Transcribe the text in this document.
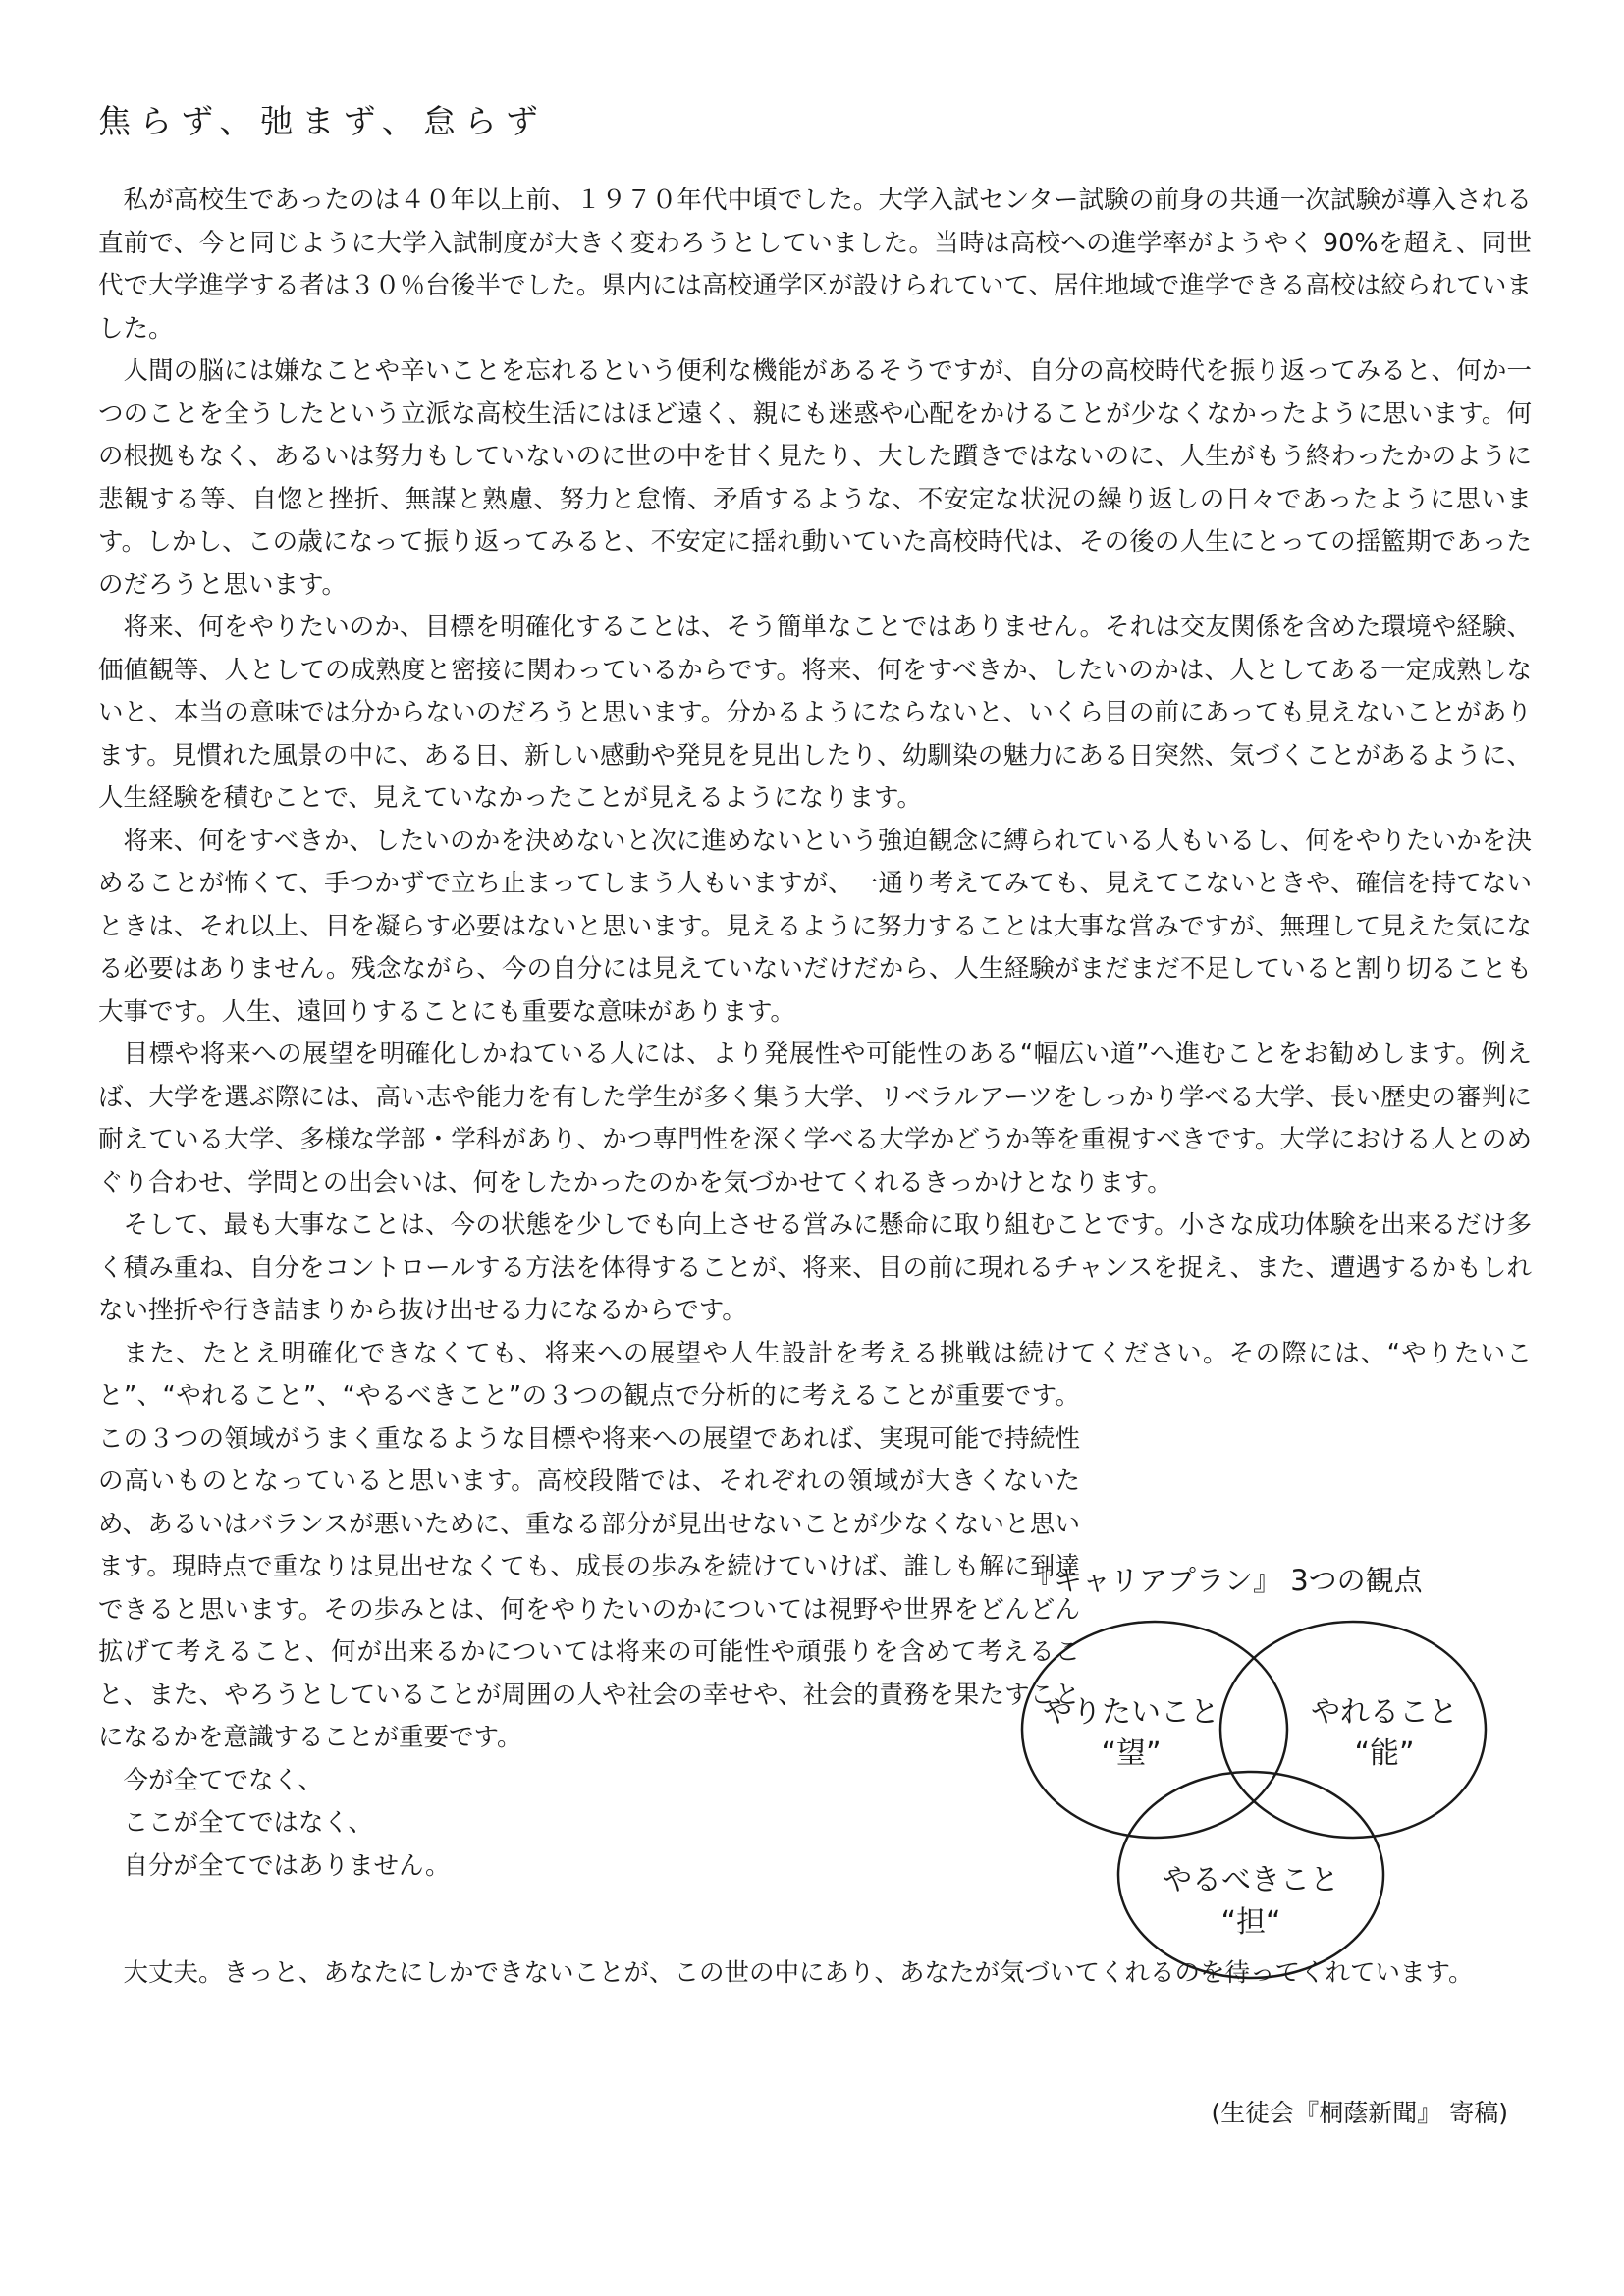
焦らず、弛まず、怠らず

私が高校生であったのは４０年以上前、１９７０年代中頃でした。大学入試センター試験の前身の共通一次試験が導入される直前で、今と同じように大学入試制度が大きく変わろうとしていました。当時は高校への進学率がようやく 90%を超え、同世代で大学進学する者は３０％台後半でした。県内には高校通学区が設けられていて、居住地域で進学できる高校は絞られていました。

人間の脳には嫌なことや辛いことを忘れるという便利な機能があるそうですが、自分の高校時代を振り返ってみると、何か一つのことを全うしたという立派な高校生活にはほど遠く、親にも迷惑や心配をかけることが少なくなかったように思います。何の根拠もなく、あるいは努力もしていないのに世の中を甘く見たり、大した躓きではないのに、人生がもう終わったかのように悲観する等、自惚と挫折、無謀と熟慮、努力と怠惰、矛盾するような、不安定な状況の繰り返しの日々であったように思います。しかし、この歳になって振り返ってみると、不安定に揺れ動いていた高校時代は、その後の人生にとっての揺籃期であったのだろうと思います。

将来、何をやりたいのか、目標を明確化することは、そう簡単なことではありません。それは交友関係を含めた環境や経験、価値観等、人としての成熟度と密接に関わっているからです。将来、何をすべきか、したいのかは、人としてある一定成熟しないと、本当の意味では分からないのだろうと思います。分かるようにならないと、いくら目の前にあっても見えないことがあります。見慣れた風景の中に、ある日、新しい感動や発見を見出したり、幼馴染の魅力にある日突然、気づくことがあるように、人生経験を積むことで、見えていなかったことが見えるようになります。

将来、何をすべきか、したいのかを決めないと次に進めないという強迫観念に縛られている人もいるし、何をやりたいかを決めることが怖くて、手つかずで立ち止まってしまう人もいますが、一通り考えてみても、見えてこないときや、確信を持てないときは、それ以上、目を凝らす必要はないと思います。見えるように努力することは大事な営みですが、無理して見えた気になる必要はありません。残念ながら、今の自分には見えていないだけだから、人生経験がまだまだ不足していると割り切ることも大事です。人生、遠回りすることにも重要な意味があります。

目標や将来への展望を明確化しかねている人には、より発展性や可能性のある“幅広い道”へ進むことをお勧めします。例えば、大学を選ぶ際には、高い志や能力を有した学生が多く集う大学、リベラルアーツをしっかり学べる大学、長い歴史の審判に耐えている大学、多様な学部・学科があり、かつ専門性を深く学べる大学かどうか等を重視すべきです。大学における人とのめぐり合わせ、学問との出会いは、何をしたかったのかを気づかせてくれるきっかけとなります。

そして、最も大事なことは、今の状態を少しでも向上させる営みに懸命に取り組むことです。小さな成功体験を出来るだけ多く積み重ね、自分をコントロールする方法を体得することが、将来、目の前に現れるチャンスを捉え、また、遭遇するかもしれない挫折や行き詰まりから抜け出せる力になるからです。

また、たとえ明確化できなくても、将来への展望や人生設計を考える挑戦は続けてください。その際には、“やりたいこと”、“やれること”、“やるべきこと”の３つの観点で分析的に考えることが重要です。この３つの領域がうまく重なるような目標や将来への展望であれば、実現可能で持続性の高いものとなっていると思います。高校段階では、それぞれの領域が大きくないため、あるいはバランスが悪いために、重なる部分が見出せないことが少なくないと思います。現時点で重なりは見出せなくても、成長の歩みを続けていけば、誰しも解に到達できると思います。その歩みとは、何をやりたいのかについては視野や世界をどんどん拡げて考えること、何が出来るかについては将来の可能性や頑張りを含めて考えること、また、やろうとしていることが周囲の人や社会の幸せや、社会的責務を果たすことになるかを意識することが重要です。

今が全てでなく、

ここが全てではなく、

自分が全てではありません。

大丈夫。きっと、あなたにしかできないことが、この世の中にあり、あなたが気づいてくれるのを待ってくれています。

『キャリアプラン』 3つの観点

やりたいこと
“望”
やれること
“能”
やるべきこと
“担“
(生徒会『桐蔭新聞』 寄稿)
